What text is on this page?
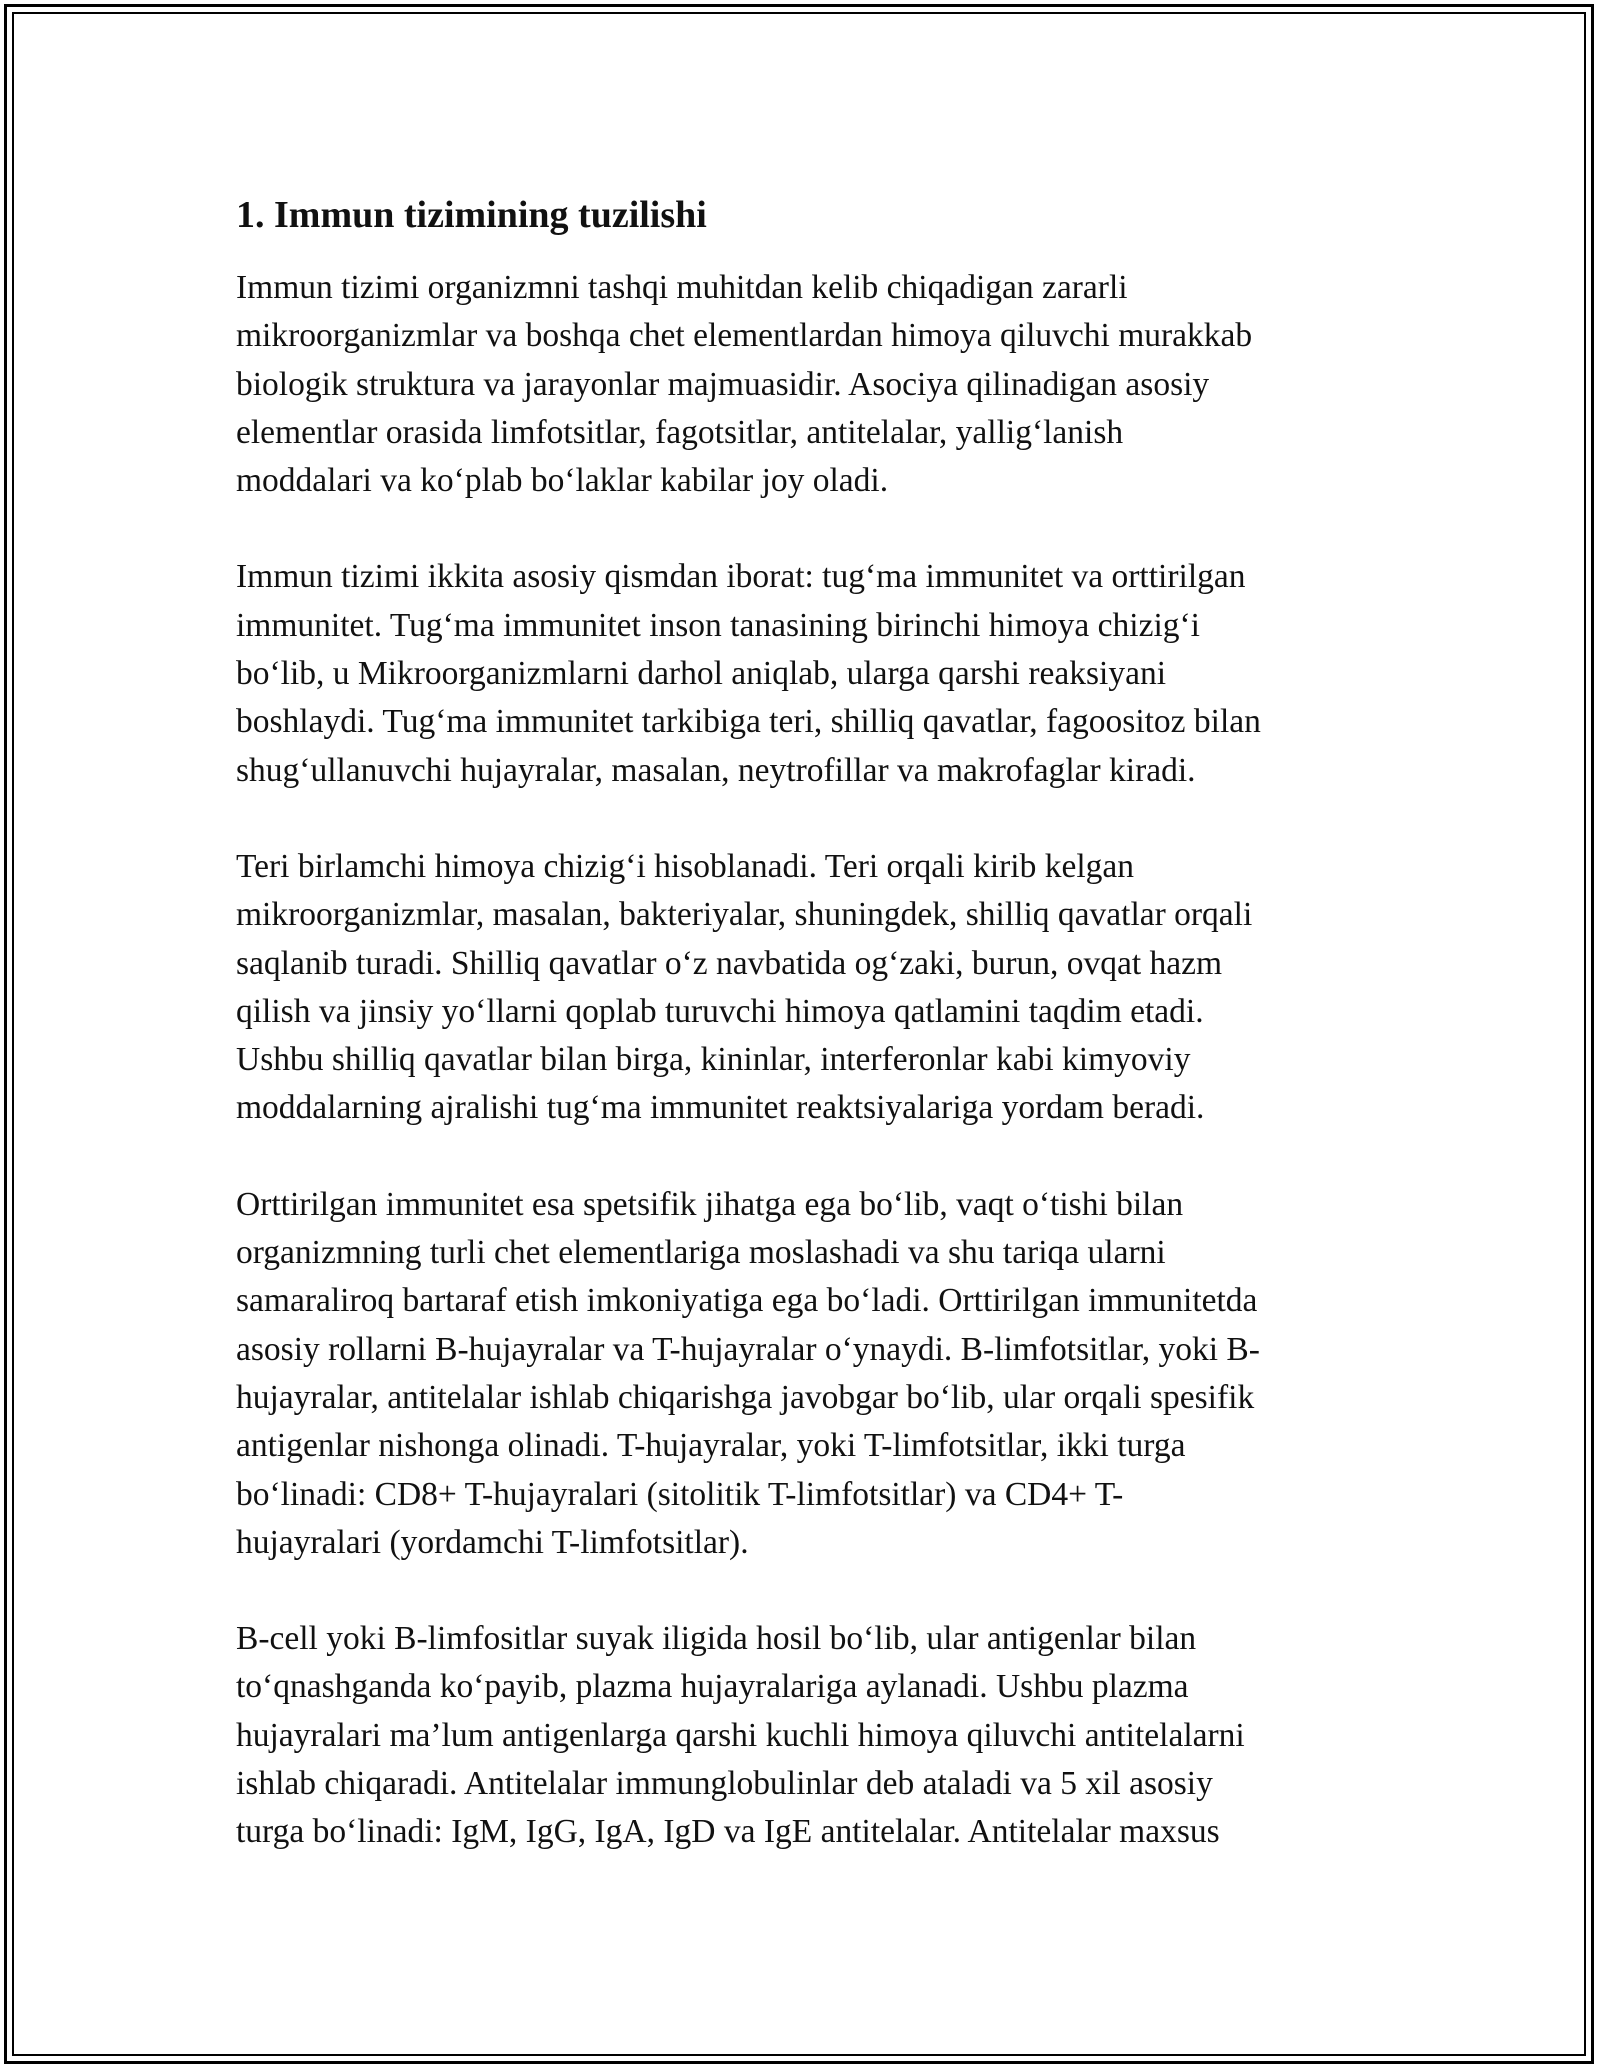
1. Immun tizimining tuzilishi

Immun tizimi organizmni tashqi muhitdan kelib chiqadigan zararli
mikroorganizmlar va boshqa chet elementlardan himoya qiluvchi murakkab
biologik struktura va jarayonlar majmuasidir. Asociya qilinadigan asosiy
elementlar orasida limfotsitlar, fagotsitlar, antitelalar, yallig‘lanish
moddalari va ko‘plab bo‘laklar kabilar joy oladi.

Immun tizimi ikkita asosiy qismdan iborat: tug‘ma immunitet va orttirilgan
immunitet. Tug‘ma immunitet inson tanasining birinchi himoya chizig‘i
bo‘lib, u Mikroorganizmlarni darhol aniqlab, ularga qarshi reaksiyani
boshlaydi. Tug‘ma immunitet tarkibiga teri, shilliq qavatlar, fagoositoz bilan
shug‘ullanuvchi hujayralar, masalan, neytrofillar va makrofaglar kiradi.

Teri birlamchi himoya chizig‘i hisoblanadi. Teri orqali kirib kelgan
mikroorganizmlar, masalan, bakteriyalar, shuningdek, shilliq qavatlar orqali
saqlanib turadi. Shilliq qavatlar o‘z navbatida og‘zaki, burun, ovqat hazm
qilish va jinsiy yo‘llarni qoplab turuvchi himoya qatlamini taqdim etadi.
Ushbu shilliq qavatlar bilan birga, kininlar, interferonlar kabi kimyoviy
moddalarning ajralishi tug‘ma immunitet reaktsiyalariga yordam beradi.

Orttirilgan immunitet esa spetsifik jihatga ega bo‘lib, vaqt o‘tishi bilan
organizmning turli chet elementlariga moslashadi va shu tariqa ularni
samaraliroq bartaraf etish imkoniyatiga ega bo‘ladi. Orttirilgan immunitetda
asosiy rollarni B-hujayralar va T-hujayralar o‘ynaydi. B-limfotsitlar, yoki B-
hujayralar, antitelalar ishlab chiqarishga javobgar bo‘lib, ular orqali spesifik
antigenlar nishonga olinadi. T-hujayralar, yoki T-limfotsitlar, ikki turga
bo‘linadi: CD8+ T-hujayralari (sitolitik T-limfotsitlar) va CD4+ T-
hujayralari (yordamchi T-limfotsitlar).

B-cell yoki B-limfositlar suyak iligida hosil bo‘lib, ular antigenlar bilan
to‘qnashganda ko‘payib, plazma hujayralariga aylanadi. Ushbu plazma
hujayralari ma’lum antigenlarga qarshi kuchli himoya qiluvchi antitelalarni
ishlab chiqaradi. Antitelalar immunglobulinlar deb ataladi va 5 xil asosiy
turga bo‘linadi: IgM, IgG, IgA, IgD va IgE antitelalar. Antitelalar maxsus
